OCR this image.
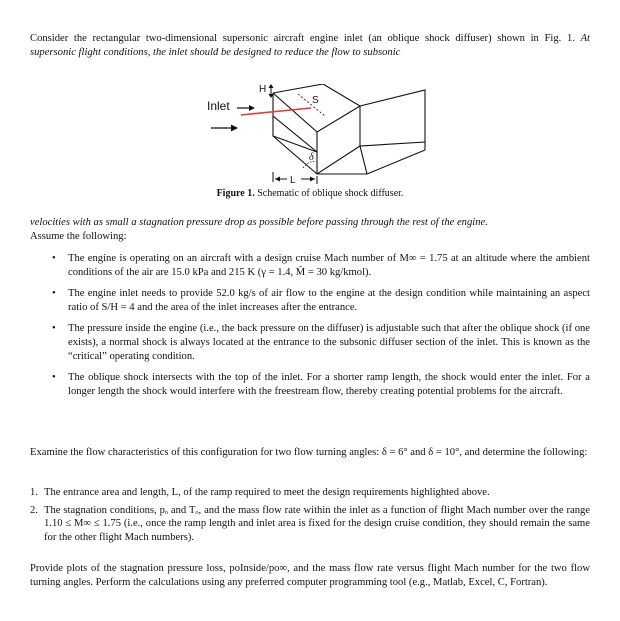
Consider the rectangular two-dimensional supersonic aircraft engine inlet (an oblique shock diffuser) shown in Fig. 1. At supersonic flight conditions, the inlet should be designed to reduce the flow to subsonic

Inlet
H
S
δ
L
Figure 1. Schematic of oblique shock diffuser.

velocities with as small a stagnation pressure drop as possible before passing through the rest of the engine.
Assume the following:

• The engine is operating on an aircraft with a design cruise Mach number of M∞ = 1.75 at an altitude where the ambient conditions of the air are 15.0 kPa and 215 K (γ = 1.4, M̄ = 30 kg/kmol).
• The engine inlet needs to provide 52.0 kg/s of air flow to the engine at the design condition while maintaining an aspect ratio of S/H = 4 and the area of the inlet increases after the entrance.
• The pressure inside the engine (i.e., the back pressure on the diffuser) is adjustable such that after the oblique shock (if one exists), a normal shock is always located at the entrance to the subsonic diffuser section of the inlet. This is known as the “critical” operating condition.
• The oblique shock intersects with the top of the inlet. For a shorter ramp length, the shock would enter the inlet. For a longer length the shock would interfere with the freestream flow, thereby creating potential problems for the aircraft.

Examine the flow characteristics of this configuration for two flow turning angles: δ = 6° and δ = 10°, and determine the following:

1. The entrance area and length, L, of the ramp required to meet the design requirements highlighted above.
2. The stagnation conditions, pₒ and Tₒ, and the mass flow rate within the inlet as a function of flight Mach number over the range 1.10 ≤ M∞ ≤ 1.75 (i.e., once the ramp length and inlet area is fixed for the design cruise condition, they should remain the same for the other flight Mach numbers).

Provide plots of the stagnation pressure loss, poInside/po∞, and the mass flow rate versus flight Mach number for the two flow turning angles. Perform the calculations using any preferred computer programming tool (e.g., Matlab, Excel, C, Fortran).
